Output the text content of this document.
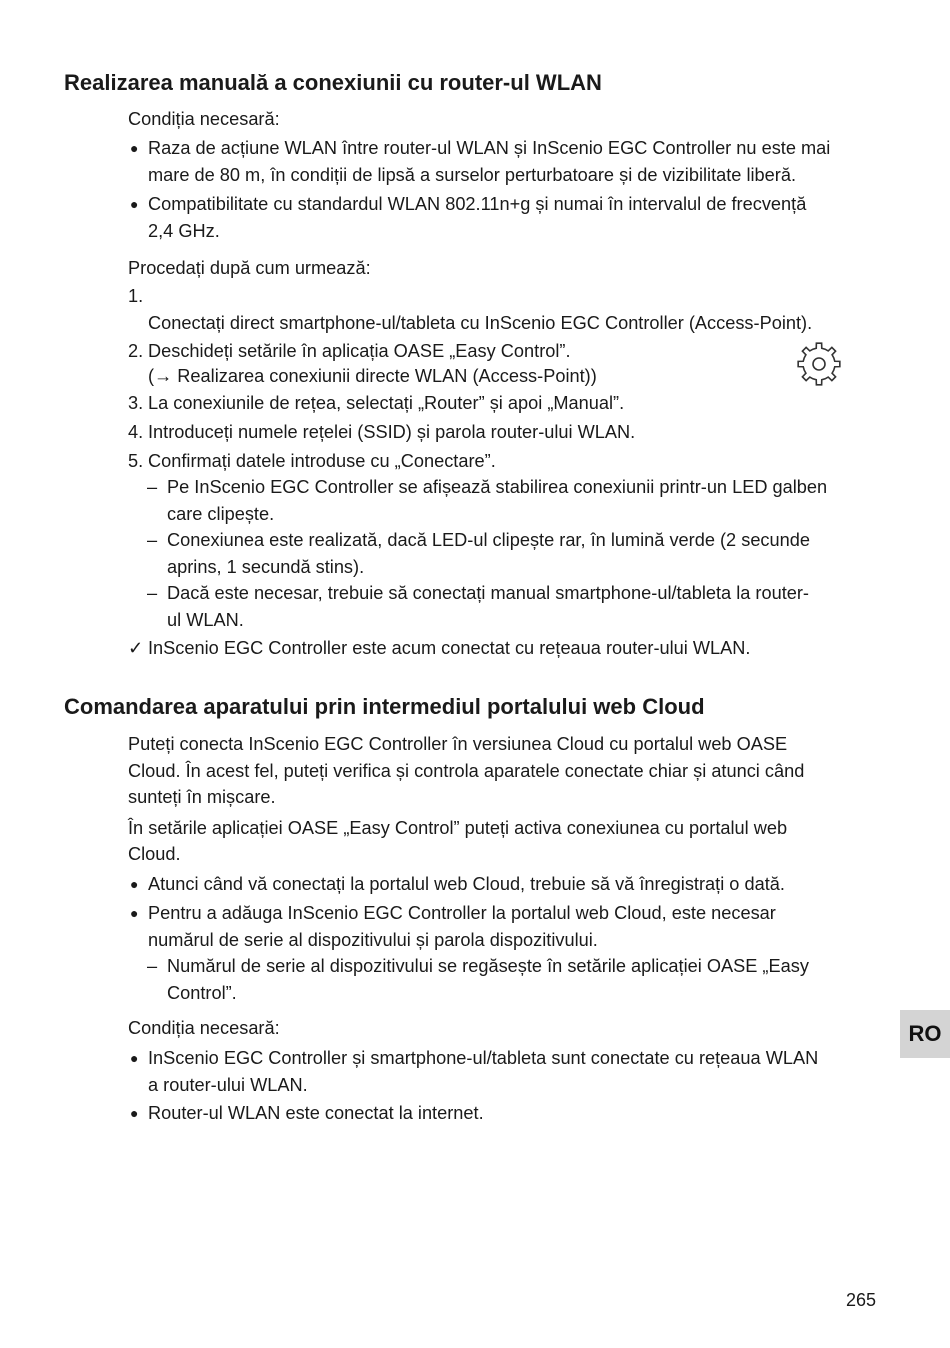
Realizarea manuală a conexiunii cu router-ul WLAN

Condiția necesară:

● Raza de acțiune WLAN între router-ul WLAN și InScenio EGC Controller nu este mai
mare de 80 m, în condiții de lipsă a surselor perturbatoare și de vizibilitate liberă.
● Compatibilitate cu standardul WLAN 802.11n+g și numai în intervalul de frecvență
2,4 GHz.

Procedați după cum urmează:

1.

Conectați direct smartphone-ul/tableta cu InScenio EGC Controller (Access-Point).

(→ Realizarea conexiunii directe WLAN (Access-Point))

2. Deschideți setările în aplicația OASE „Easy Control”.
3. La conexiunile de rețea, selectați „Router” și apoi „Manual”.
4. Introduceți numele rețelei (SSID) și parola router-ului WLAN.
5. Confirmați datele introduse cu „Conectare”.
– Pe InScenio EGC Controller se afișează stabilirea conexiunii printr-un LED galben
care clipește.
– Conexiunea este realizată, dacă LED-ul clipește rar, în lumină verde (2 secunde
aprins, 1 secundă stins).
– Dacă este necesar, trebuie să conectați manual smartphone-ul/tableta la router-
ul WLAN.
✓ InScenio EGC Controller este acum conectat cu rețeaua router-ului WLAN.
Comandarea aparatului prin intermediul portalului web Cloud

Puteți conecta InScenio EGC Controller în versiunea Cloud cu portalul web OASE

Cloud. În acest fel, puteți verifica și controla aparatele conectate chiar și atunci când

sunteți în mișcare.

În setările aplicației OASE „Easy Control” puteți activa conexiunea cu portalul web

Cloud.

● Atunci când vă conectați la portalul web Cloud, trebuie să vă înregistrați o dată.
● Pentru a adăuga InScenio EGC Controller la portalul web Cloud, este necesar
numărul de serie al dispozitivului și parola dispozitivului.
– Numărul de serie al dispozitivului se regăsește în setările aplicației OASE „Easy
Control”.

Condiția necesară:

● InScenio EGC Controller și smartphone-ul/tableta sunt conectate cu rețeaua WLAN
a router-ului WLAN.
● Router-ul WLAN este conectat la internet.
RO
265
